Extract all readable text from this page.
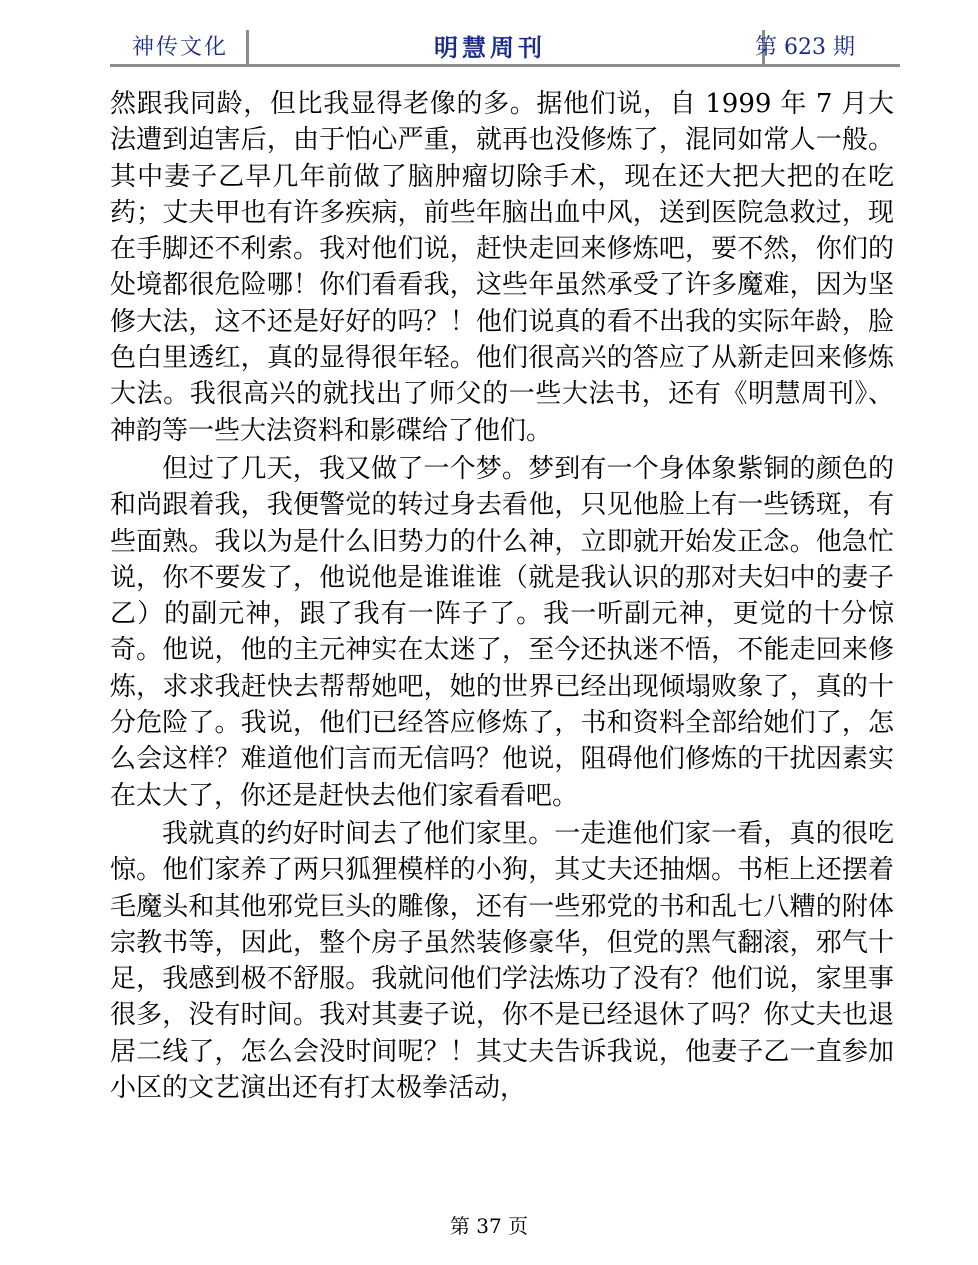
神传文化	明慧周刊	第 623 期

然跟我同龄，但比我显得老像的多。据他们说，自 1999 年 7 月大法遭到迫害后，由于怕心严重，就再也没修炼了，混同如常人一般。其中妻子乙早几年前做了脑肿瘤切除手术，现在还大把大把的在吃药；丈夫甲也有许多疾病，前些年脑出血中风，送到医院急救过，现在手脚还不利索。我对他们说，赶快走回来修炼吧，要不然，你们的处境都很危险哪！你们看看我，这些年虽然承受了许多魔难，因为坚修大法，这不还是好好的吗？！他们说真的看不出我的实际年龄，脸色白里透红，真的显得很年轻。他们很高兴的答应了从新走回来修炼大法。我很高兴的就找出了师父的一些大法书，还有《明慧周刊》、神韵等一些大法资料和影碟给了他们。

但过了几天，我又做了一个梦。梦到有一个身体象紫铜的颜色的和尚跟着我，我便警觉的转过身去看他，只见他脸上有一些锈斑，有些面熟。我以为是什么旧势力的什么神，立即就开始发正念。他急忙说，你不要发了，他说他是谁谁谁（就是我认识的那对夫妇中的妻子乙）的副元神，跟了我有一阵子了。我一听副元神，更觉的十分惊奇。他说，他的主元神实在太迷了，至今还执迷不悟，不能走回来修炼，求求我赶快去帮帮她吧，她的世界已经出现倾塌败象了，真的十分危险了。我说，他们已经答应修炼了，书和资料全部给她们了，怎么会这样？难道他们言而无信吗？他说，阻碍他们修炼的干扰因素实在太大了，你还是赶快去他们家看看吧。

我就真的约好时间去了他们家里。一走進他们家一看，真的很吃惊。他们家养了两只狐狸模样的小狗，其丈夫还抽烟。书柜上还摆着毛魔头和其他邪党巨头的雕像，还有一些邪党的书和乱七八糟的附体宗教书等，因此，整个房子虽然装修豪华，但党的黑气翻滚，邪气十足，我感到极不舒服。我就问他们学法炼功了没有？他们说，家里事很多，没有时间。我对其妻子说，你不是已经退休了吗？你丈夫也退居二线了，怎么会没时间呢？！其丈夫告诉我说，他妻子乙一直参加小区的文艺演出还有打太极拳活动，

第 37 页
